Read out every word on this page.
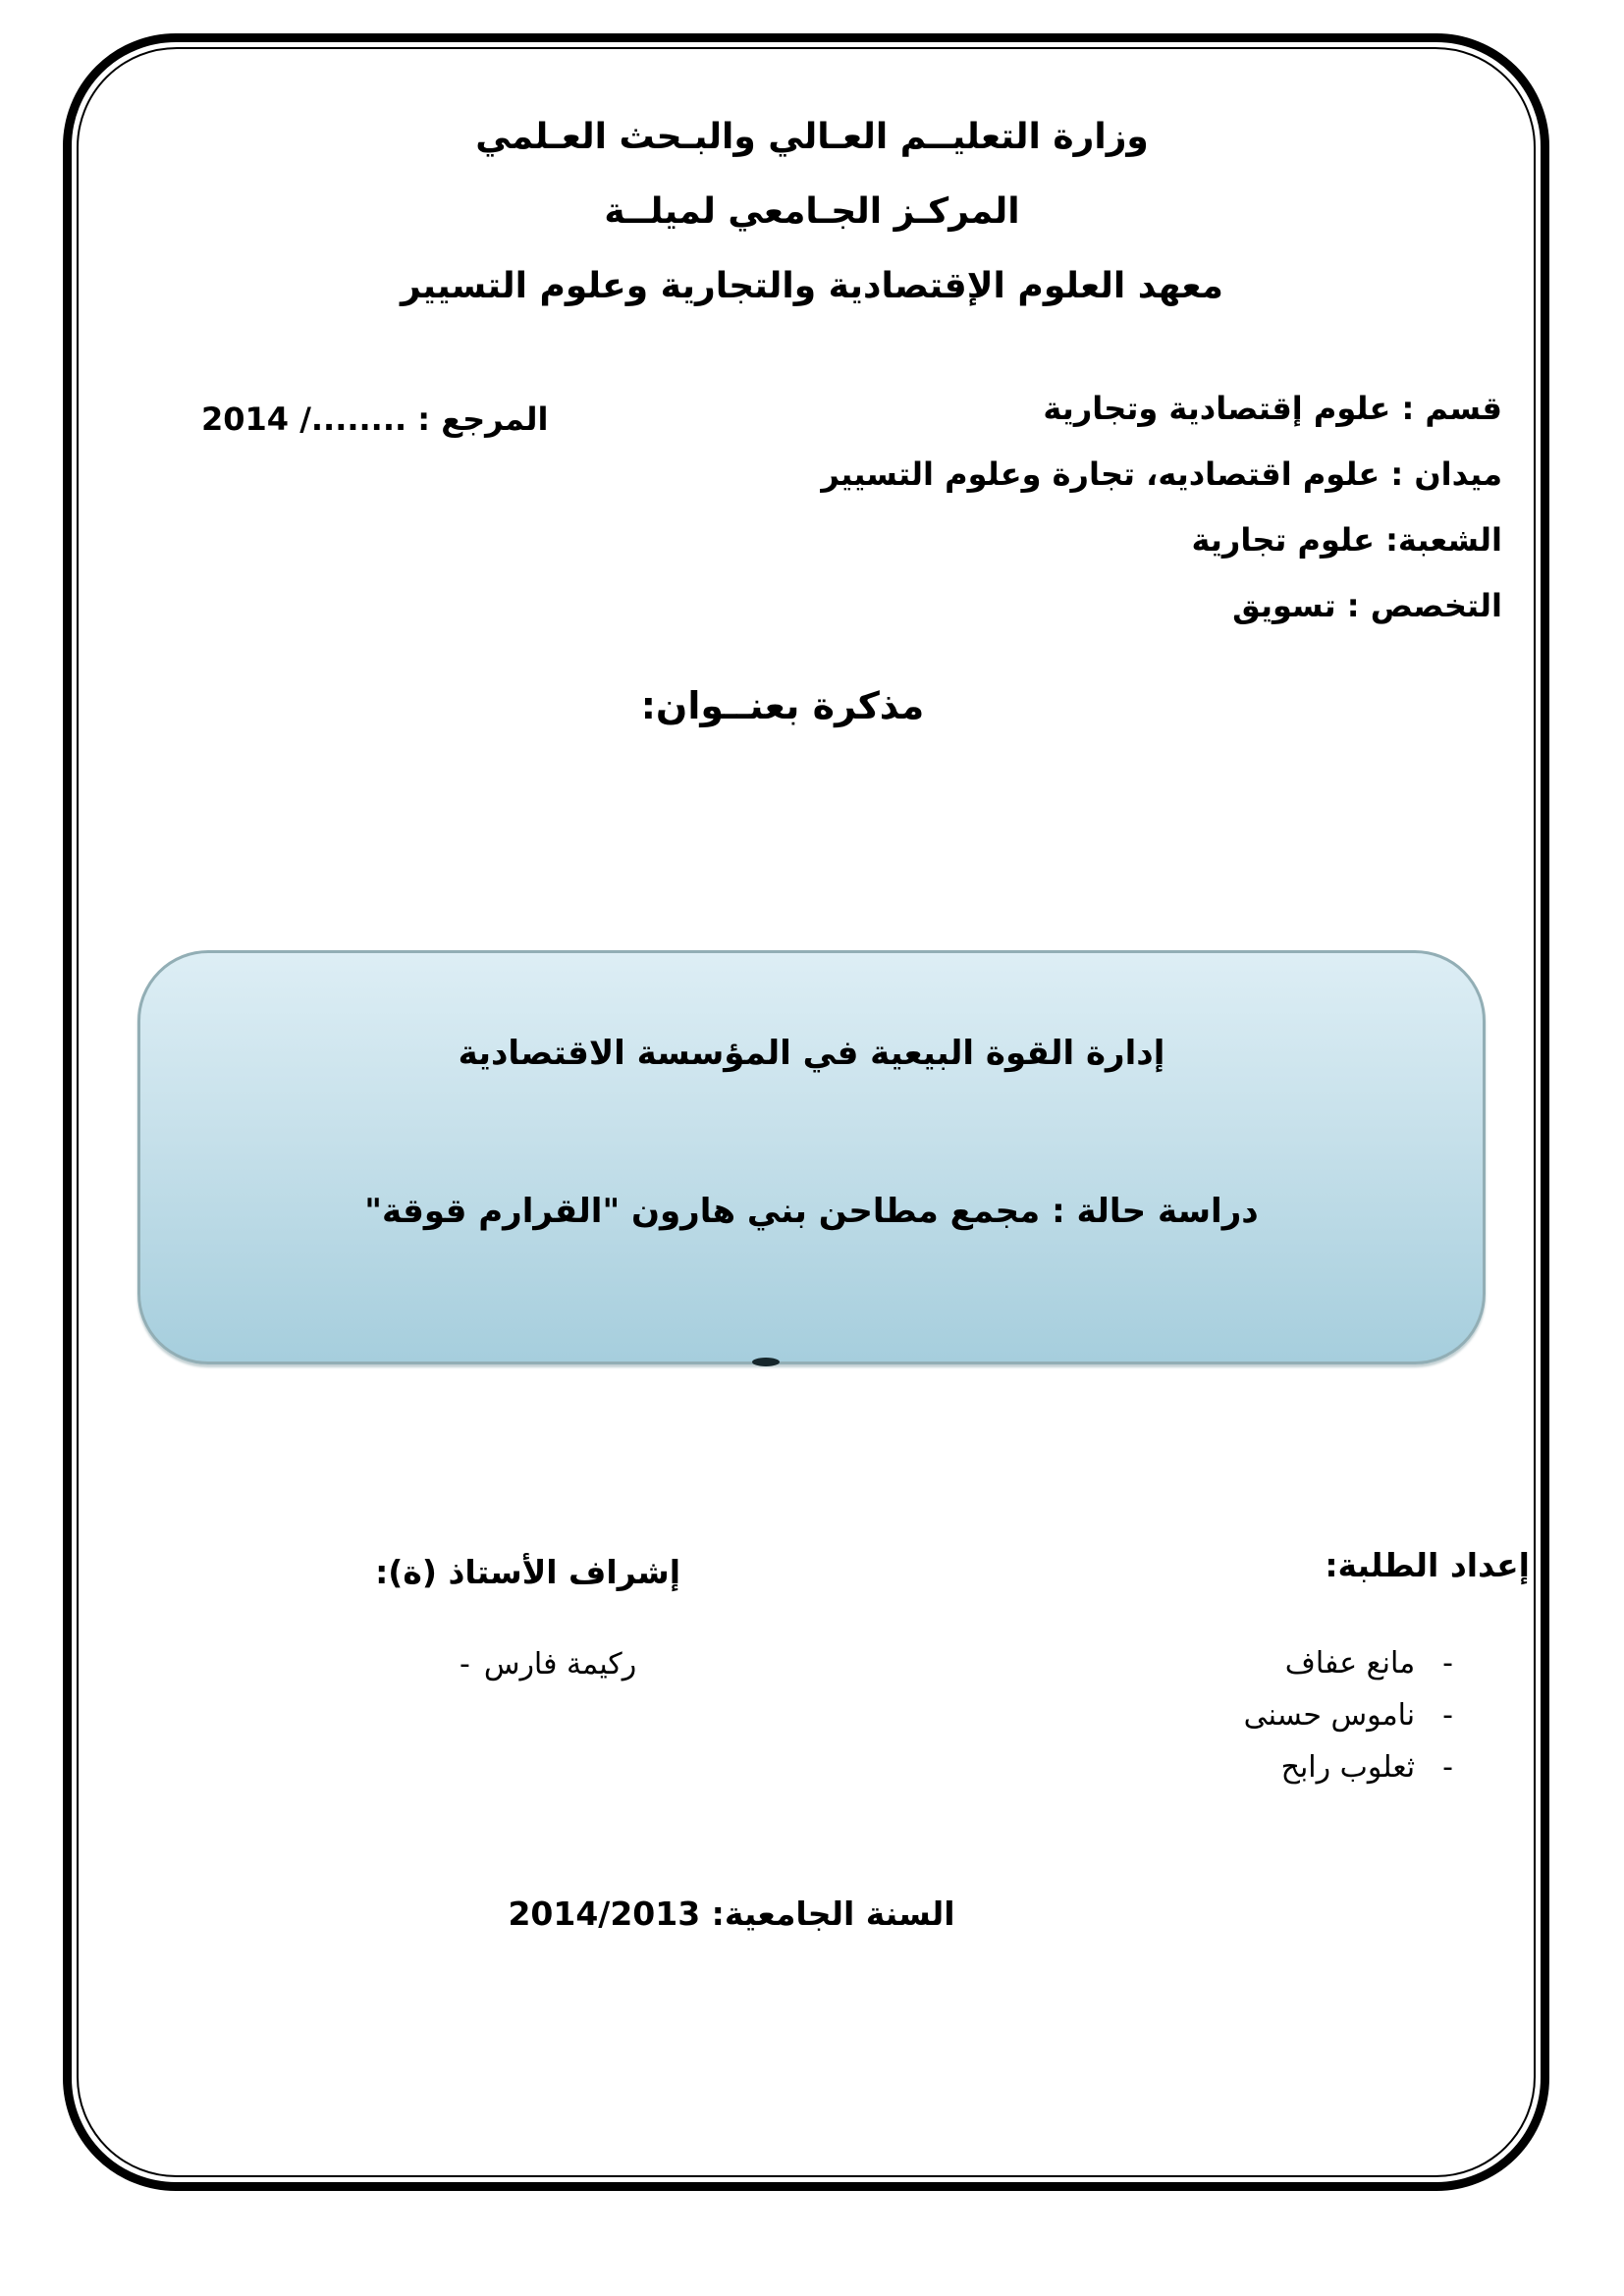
وزارة التعليــم العـالي والبـحث العـلمي
المركـز الجـامعي لميلــة
معهد العلوم الإقتصادية والتجارية وعلوم التسيير
قسم : علوم إقتصادية وتجارية
ميدان : علوم اقتصاديه، تجارة وعلوم التسيير
الشعبة: علوم تجارية
التخصص : تسويق
المرجع : ......../ 2014
مذكرة بعنــوان:
إدارة القوة البيعية في المؤسسة الاقتصادية
دراسة حالة : مجمع مطاحن بني هارون "القرارم قوقة"
إعداد الطلبة:
-
مانع عفاف
-
ناموس حسنى
-
ثعلوب رابح
إشراف الأستاذ (ة):
- ركيمة فارس
السنة الجامعية: 2014/2013
